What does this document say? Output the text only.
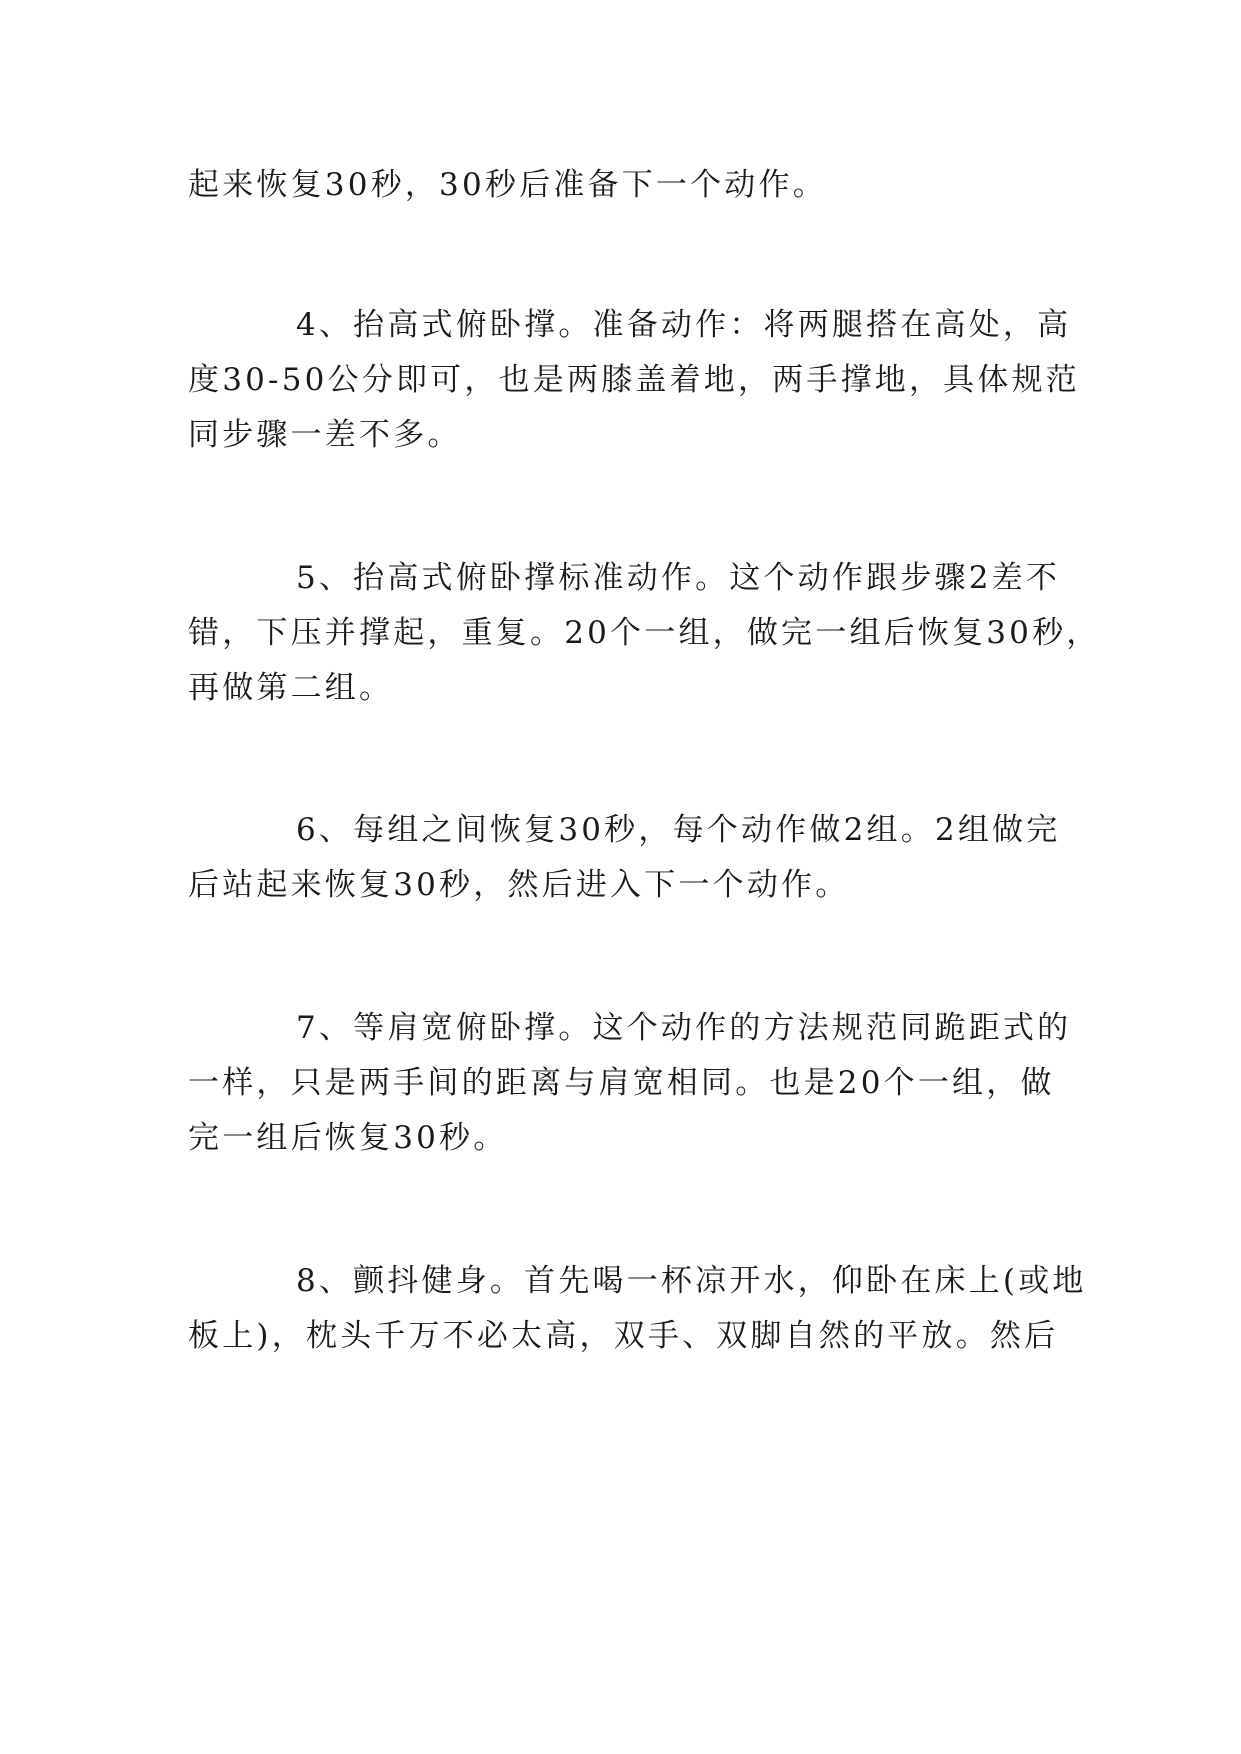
起来恢复30秒，30秒后准备下一个动作。
4、抬高式俯卧撑。准备动作：将两腿搭在高处，高
度30-50公分即可，也是两膝盖着地，两手撑地，具体规范
同步骤一差不多。
5、抬高式俯卧撑标准动作。这个动作跟步骤2差不
错，下压并撑起，重复。20个一组，做完一组后恢复30秒，
再做第二组。
6、每组之间恢复30秒，每个动作做2组。2组做完
后站起来恢复30秒，然后进入下一个动作。
7、等肩宽俯卧撑。这个动作的方法规范同跪距式的
一样，只是两手间的距离与肩宽相同。也是20个一组，做
完一组后恢复30秒。
8、颤抖健身。首先喝一杯凉开水，仰卧在床上(或地
板上)，枕头千万不必太高，双手、双脚自然的平放。然后
